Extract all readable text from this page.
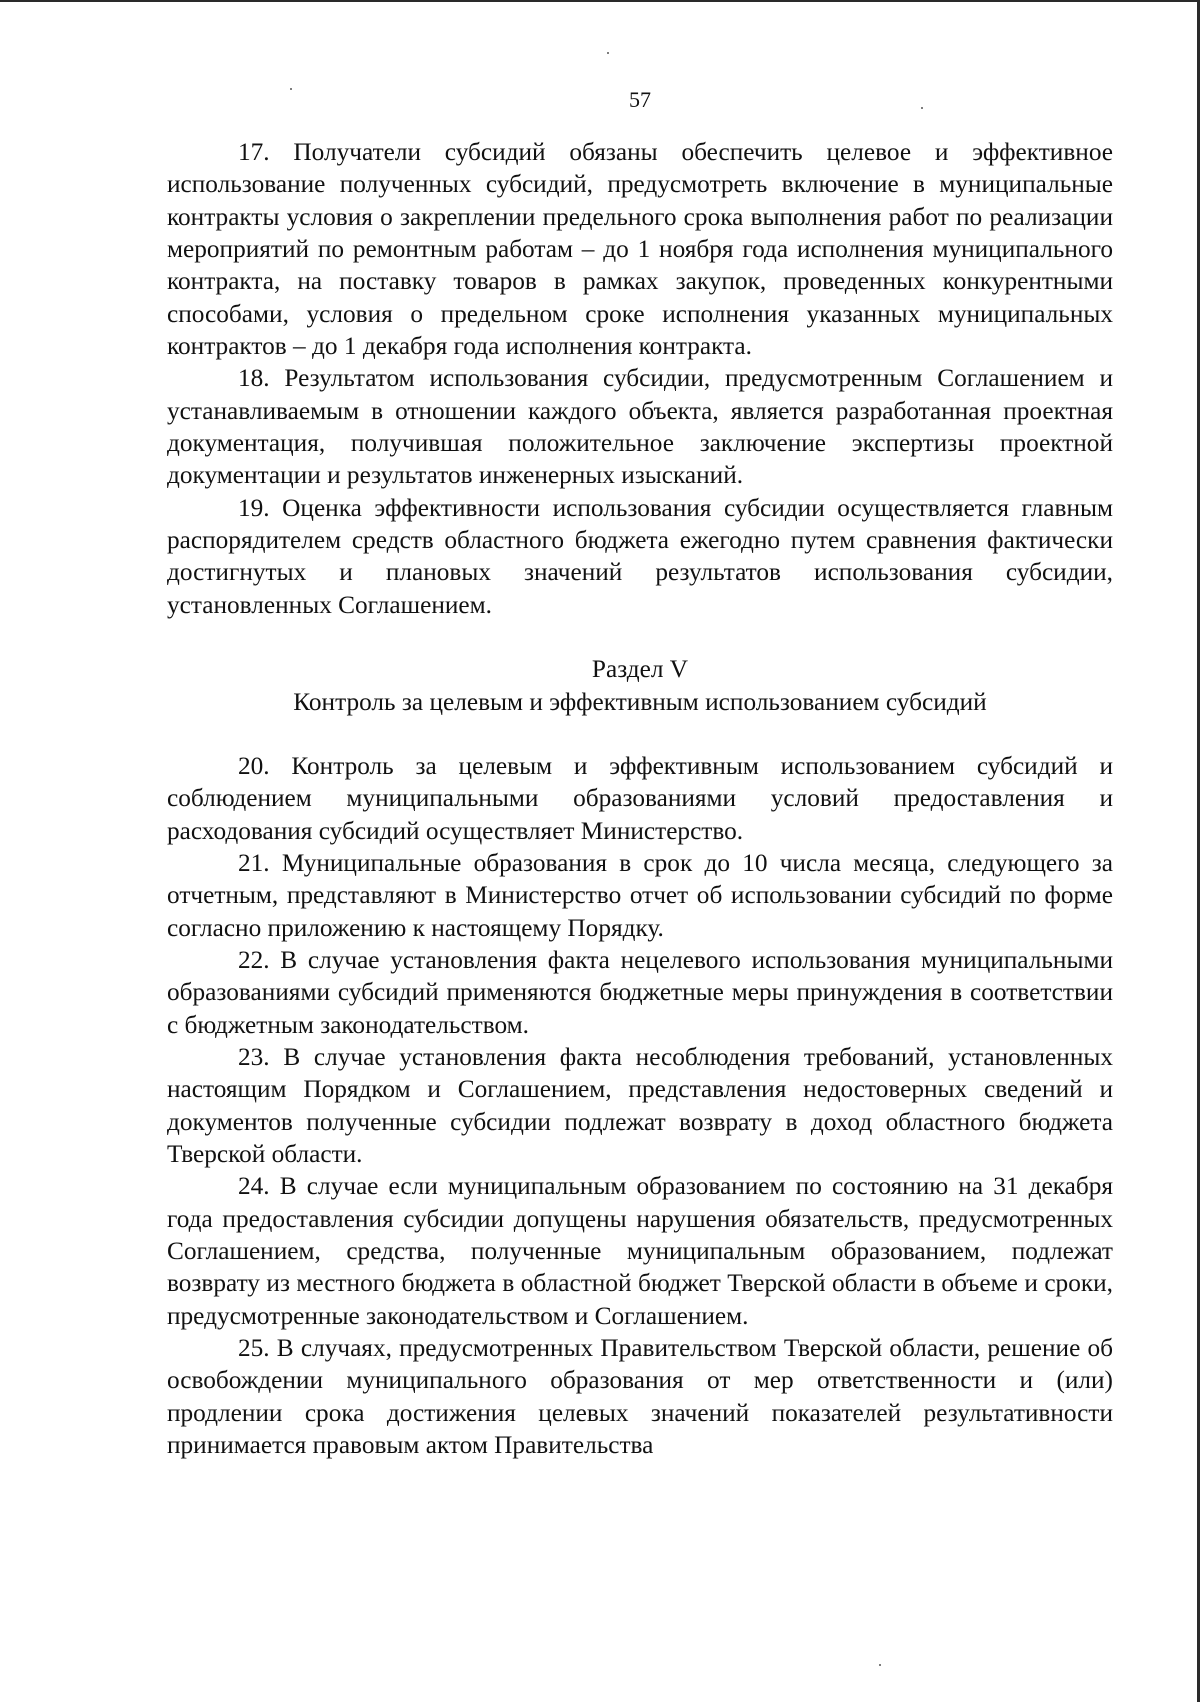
57

17. Получатели субсидий обязаны обеспечить целевое и эффективное использование полученных субсидий, предусмотреть включение в муниципальные контракты условия о закреплении предельного срока выполнения работ по реализации мероприятий по ремонтным работам – до 1 ноября года исполнения муниципального контракта, на поставку товаров в рамках закупок, проведенных конкурентными способами, условия о предельном сроке исполнения указанных муниципальных контрактов – до 1 декабря года исполнения контракта.

18. Результатом использования субсидии, предусмотренным Соглашением и устанавливаемым в отношении каждого объекта, является разработанная проектная документация, получившая положительное заключение экспертизы проектной документации и результатов инженерных изысканий.

19. Оценка эффективности использования субсидии осуществляется главным распорядителем средств областного бюджета ежегодно путем сравнения фактически достигнутых и плановых значений результатов использования субсидии, установленных Соглашением.

Раздел V

Контроль за целевым и эффективным использованием субсидий

20. Контроль за целевым и эффективным использованием субсидий и соблюдением муниципальными образованиями условий предоставления и расходования субсидий осуществляет Министерство.

21. Муниципальные образования в срок до 10 числа месяца, следующего за отчетным, представляют в Министерство отчет об использовании субсидий по форме согласно приложению к настоящему Порядку.

22. В случае установления факта нецелевого использования муниципальными образованиями субсидий применяются бюджетные меры принуждения в соответствии с бюджетным законодательством.

23. В случае установления факта несоблюдения требований, установленных настоящим Порядком и Соглашением, представления недостоверных сведений и документов полученные субсидии подлежат возврату в доход областного бюджета Тверской области.

24. В случае если муниципальным образованием по состоянию на 31 декабря года предоставления субсидии допущены нарушения обязательств, предусмотренных Соглашением, средства, полученные муниципальным образованием, подлежат возврату из местного бюджета в областной бюджет Тверской области в объеме и сроки, предусмотренные законодательством и Соглашением.

25. В случаях, предусмотренных Правительством Тверской области, решение об освобождении муниципального образования от мер ответственности и (или) продлении срока достижения целевых значений показателей результативности принимается правовым актом Правительства
